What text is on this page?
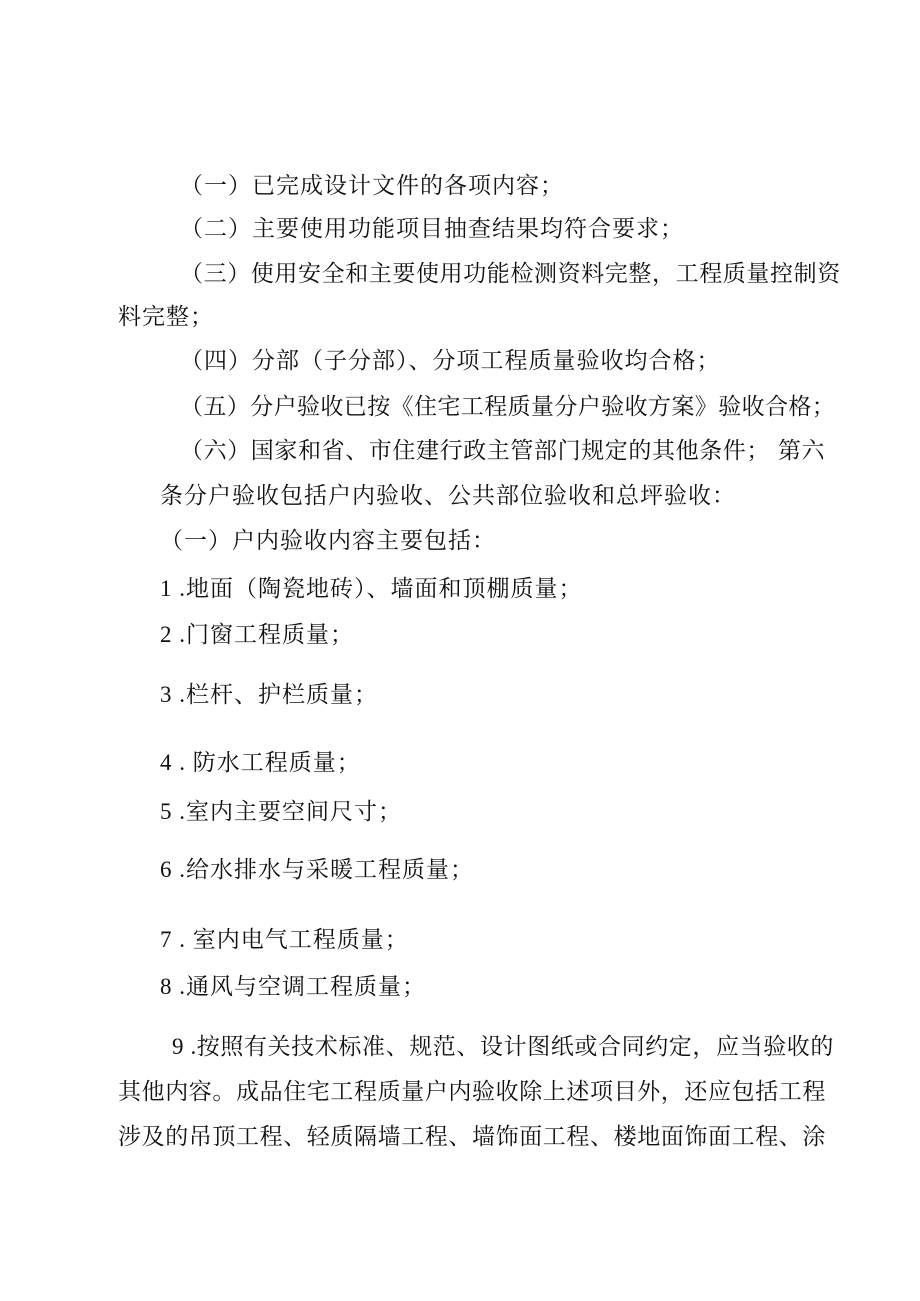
（一）已完成设计文件的各项内容；
（二）主要使用功能项目抽查结果均符合要求；
（三）使用安全和主要使用功能检测资料完整，工程质量控制资
料完整；
（四）分部（子分部）、分项工程质量验收均合格；
（五）分户验收已按《住宅工程质量分户验收方案》验收合格；
（六）国家和省、市住建行政主管部门规定的其他条件； 第六
条分户验收包括户内验收、公共部位验收和总坪验收：
（一）户内验收内容主要包括：
1 .地面（陶瓷地砖）、墙面和顶棚质量；
2 .门窗工程质量；
3 .栏杆、护栏质量；
4 . 防水工程质量；
5 .室内主要空间尺寸；
6 .给水排水与采暖工程质量；
7 . 室内电气工程质量；
8 .通风与空调工程质量；
9 .按照有关技术标准、规范、设计图纸或合同约定，应当验收的
其他内容。成品住宅工程质量户内验收除上述项目外，还应包括工程
涉及的吊顶工程、轻质隔墙工程、墙饰面工程、楼地面饰面工程、涂
